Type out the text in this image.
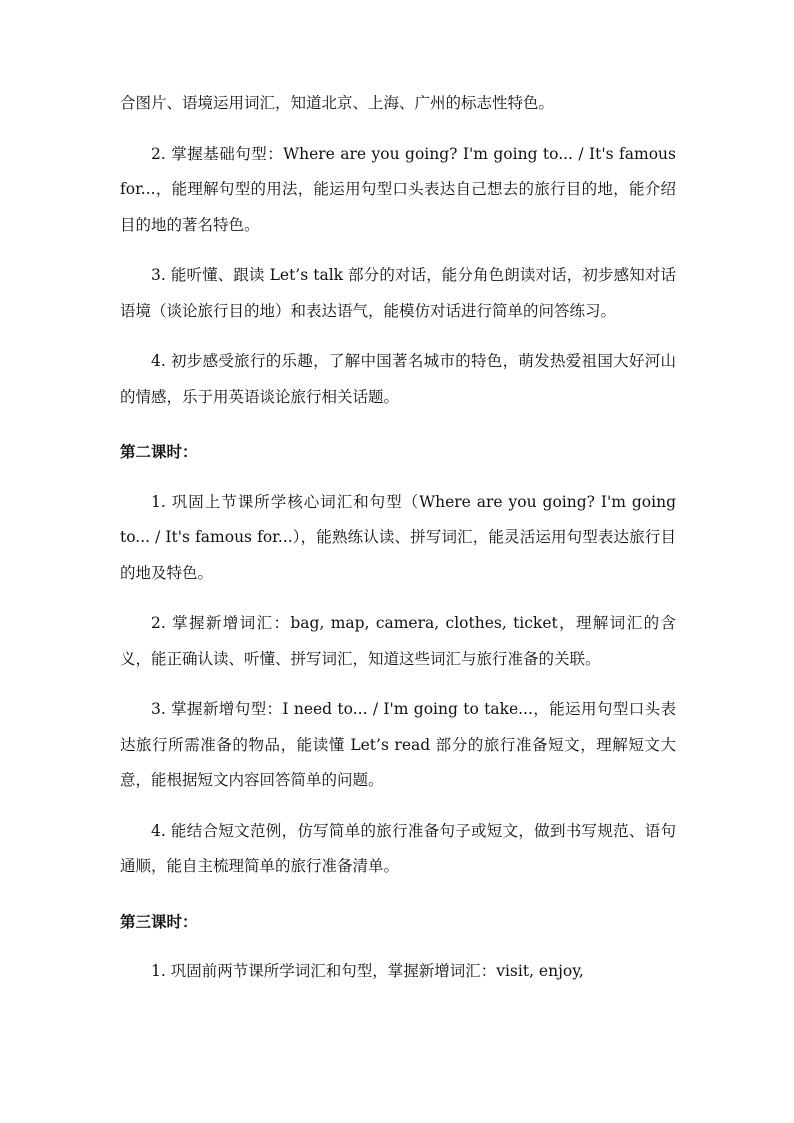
合图片、语境运用词汇，知道北京、上海、广州的标志性特色。

2. 掌握基础句型：Where are you going? I'm going to... / It's famous for...，能理解句型的用法，能运用句型口头表达自己想去的旅行目的地，能介绍目的地的著名特色。

3. 能听懂、跟读 Let’s talk 部分的对话，能分角色朗读对话，初步感知对话语境（谈论旅行目的地）和表达语气，能模仿对话进行简单的问答练习。

4. 初步感受旅行的乐趣，了解中国著名城市的特色，萌发热爱祖国大好河山的情感，乐于用英语谈论旅行相关话题。

第二课时：

1. 巩固上节课所学核心词汇和句型（Where are you going? I'm going to... / It's famous for...），能熟练认读、拼写词汇，能灵活运用句型表达旅行目的地及特色。

2. 掌握新增词汇：bag, map, camera, clothes, ticket，理解词汇的含义，能正确认读、听懂、拼写词汇，知道这些词汇与旅行准备的关联。

3. 掌握新增句型：I need to... / I'm going to take...，能运用句型口头表达旅行所需准备的物品，能读懂 Let’s read 部分的旅行准备短文，理解短文大意，能根据短文内容回答简单的问题。

4. 能结合短文范例，仿写简单的旅行准备句子或短文，做到书写规范、语句通顺，能自主梳理简单的旅行准备清单。

第三课时：

1. 巩固前两节课所学词汇和句型，掌握新增词汇：visit, enjoy,
